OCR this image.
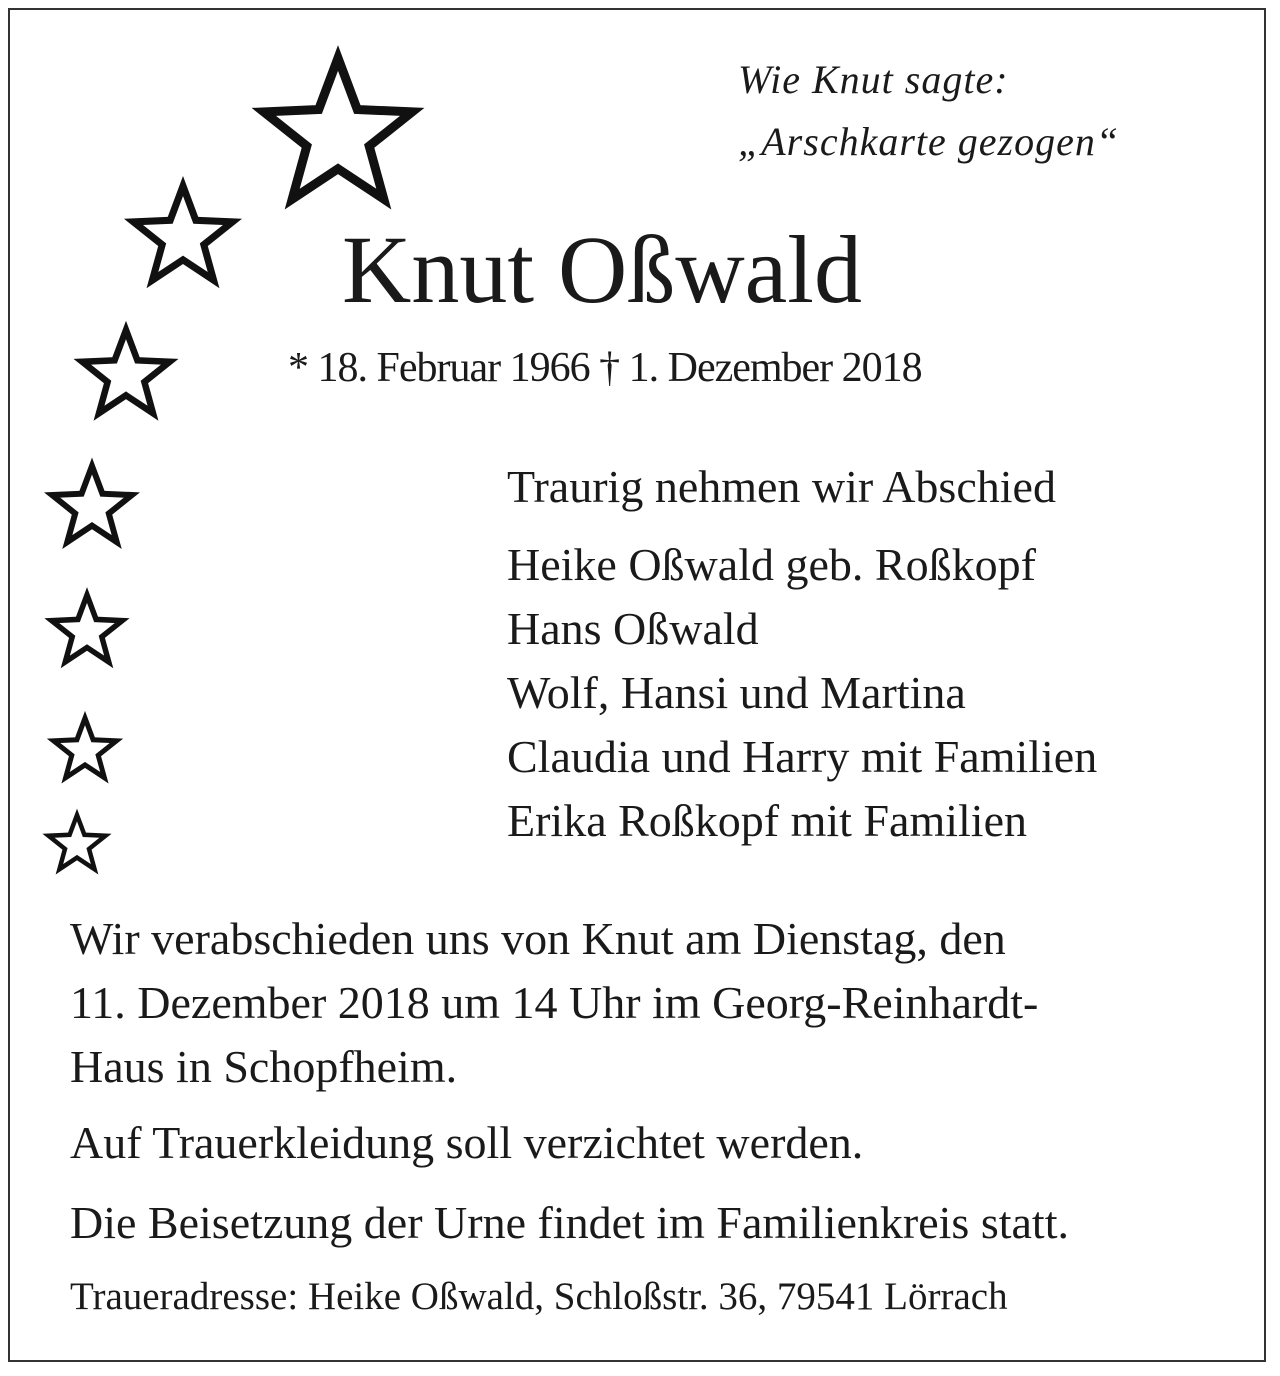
Wie Knut sagte:

„Arschkarte gezogen“

Knut Oßwald

* 18. Februar 1966 † 1. Dezember 2018

Traurig nehmen wir Abschied

Heike Oßwald geb. Roßkopf

Hans Oßwald

Wolf, Hansi und Martina

Claudia und Harry mit Familien

Erika Roßkopf mit Familien

Wir verabschieden uns von Knut am Dienstag, den

11. Dezember 2018 um 14 Uhr im Georg-Reinhardt-

Haus in Schopfheim.

Auf Trauerkleidung soll verzichtet werden.

Die Beisetzung der Urne findet im Familienkreis statt.

Traueradresse: Heike Oßwald, Schloßstr. 36, 79541 Lörrach
